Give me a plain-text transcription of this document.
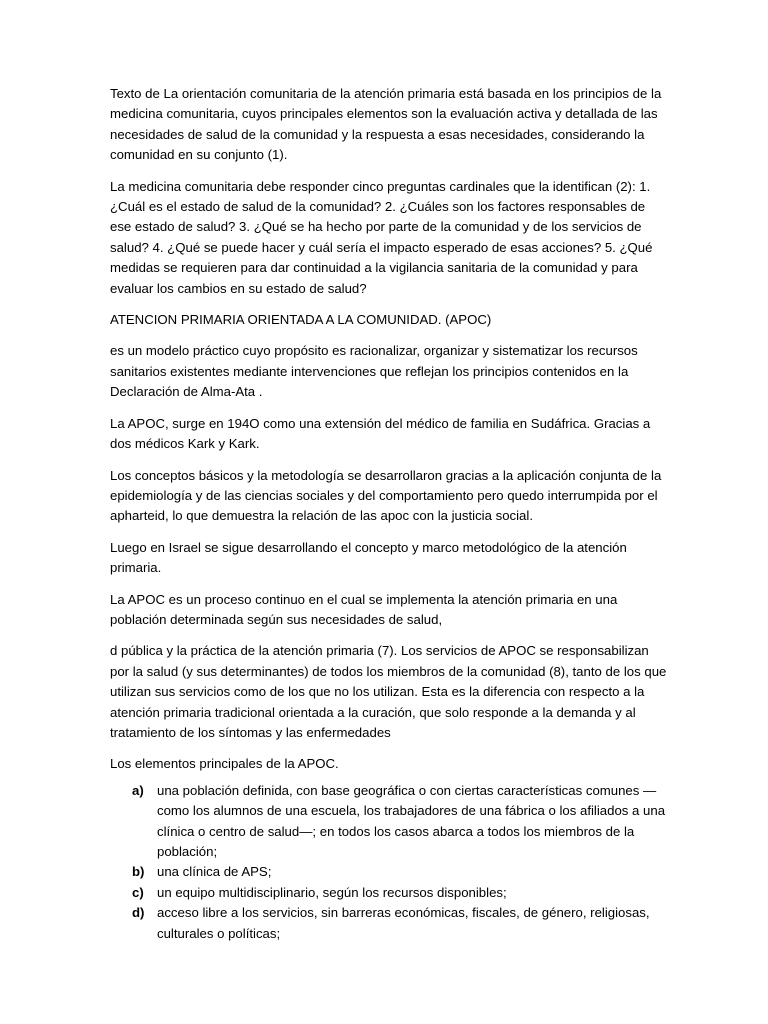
Texto de La orientación comunitaria de la atención primaria está basada en los principios de la medicina comunitaria, cuyos principales elementos son la evaluación activa y detallada de las necesidades de salud de la comunidad y la respuesta a esas necesidades, considerando la comunidad en su conjunto (1).

La medicina comunitaria debe responder cinco preguntas cardinales que la identifican (2): 1. ¿Cuál es el estado de salud de la comunidad? 2. ¿Cuáles son los factores responsables de ese estado de salud? 3. ¿Qué se ha hecho por parte de la comunidad y de los servicios de salud? 4. ¿Qué se puede hacer y cuál sería el impacto esperado de esas acciones? 5. ¿Qué medidas se requieren para dar continuidad a la vigilancia sanitaria de la comunidad y para evaluar los cambios en su estado de salud?

ATENCION PRIMARIA ORIENTADA A LA COMUNIDAD. (APOC)

es un modelo práctico cuyo propósito es racionalizar, organizar y sistematizar los recursos sanitarios existentes mediante intervenciones que reflejan los principios contenidos en la Declaración de Alma-Ata .

La APOC, surge en 194O como una extensión del médico de familia en Sudáfrica. Gracias a dos médicos Kark y Kark.

Los conceptos básicos y la metodología se desarrollaron gracias a la aplicación conjunta de la epidemiología y de las ciencias sociales y del comportamiento pero quedo interrumpida por el aphartеid, lo que demuestra la relación de las apoc con la justicia social.

Luego en Israel se sigue desarrollando el concepto y marco metodológico de la atención primaria.

La APOC es un proceso continuo en el cual se implementa la atención primaria en una población determinada según sus necesidades de salud,

d pública y la práctica de la atención primaria (7). Los servicios de APOC se responsabilizan por la salud (y sus determinantes) de todos los miembros de la comunidad (8), tanto de los que utilizan sus servicios como de los que no los utilizan. Esta es la diferencia con respecto a la atención primaria tradicional orientada a la curación, que solo responde a la demanda y al tratamiento de los síntomas y las enfermedades

Los elementos principales de la APOC.

a)	una población definida, con base geográfica o con ciertas características comunes —como los alumnos de una escuela, los trabajadores de una fábrica o los afiliados a una clínica o centro de salud—; en todos los casos abarca a todos los miembros de la población;
b) una clínica de APS;
c)	un equipo multidisciplinario, según los recursos disponibles;
d) acceso libre a los servicios, sin barreras económicas, fiscales, de género, religiosas, culturales o políticas;
